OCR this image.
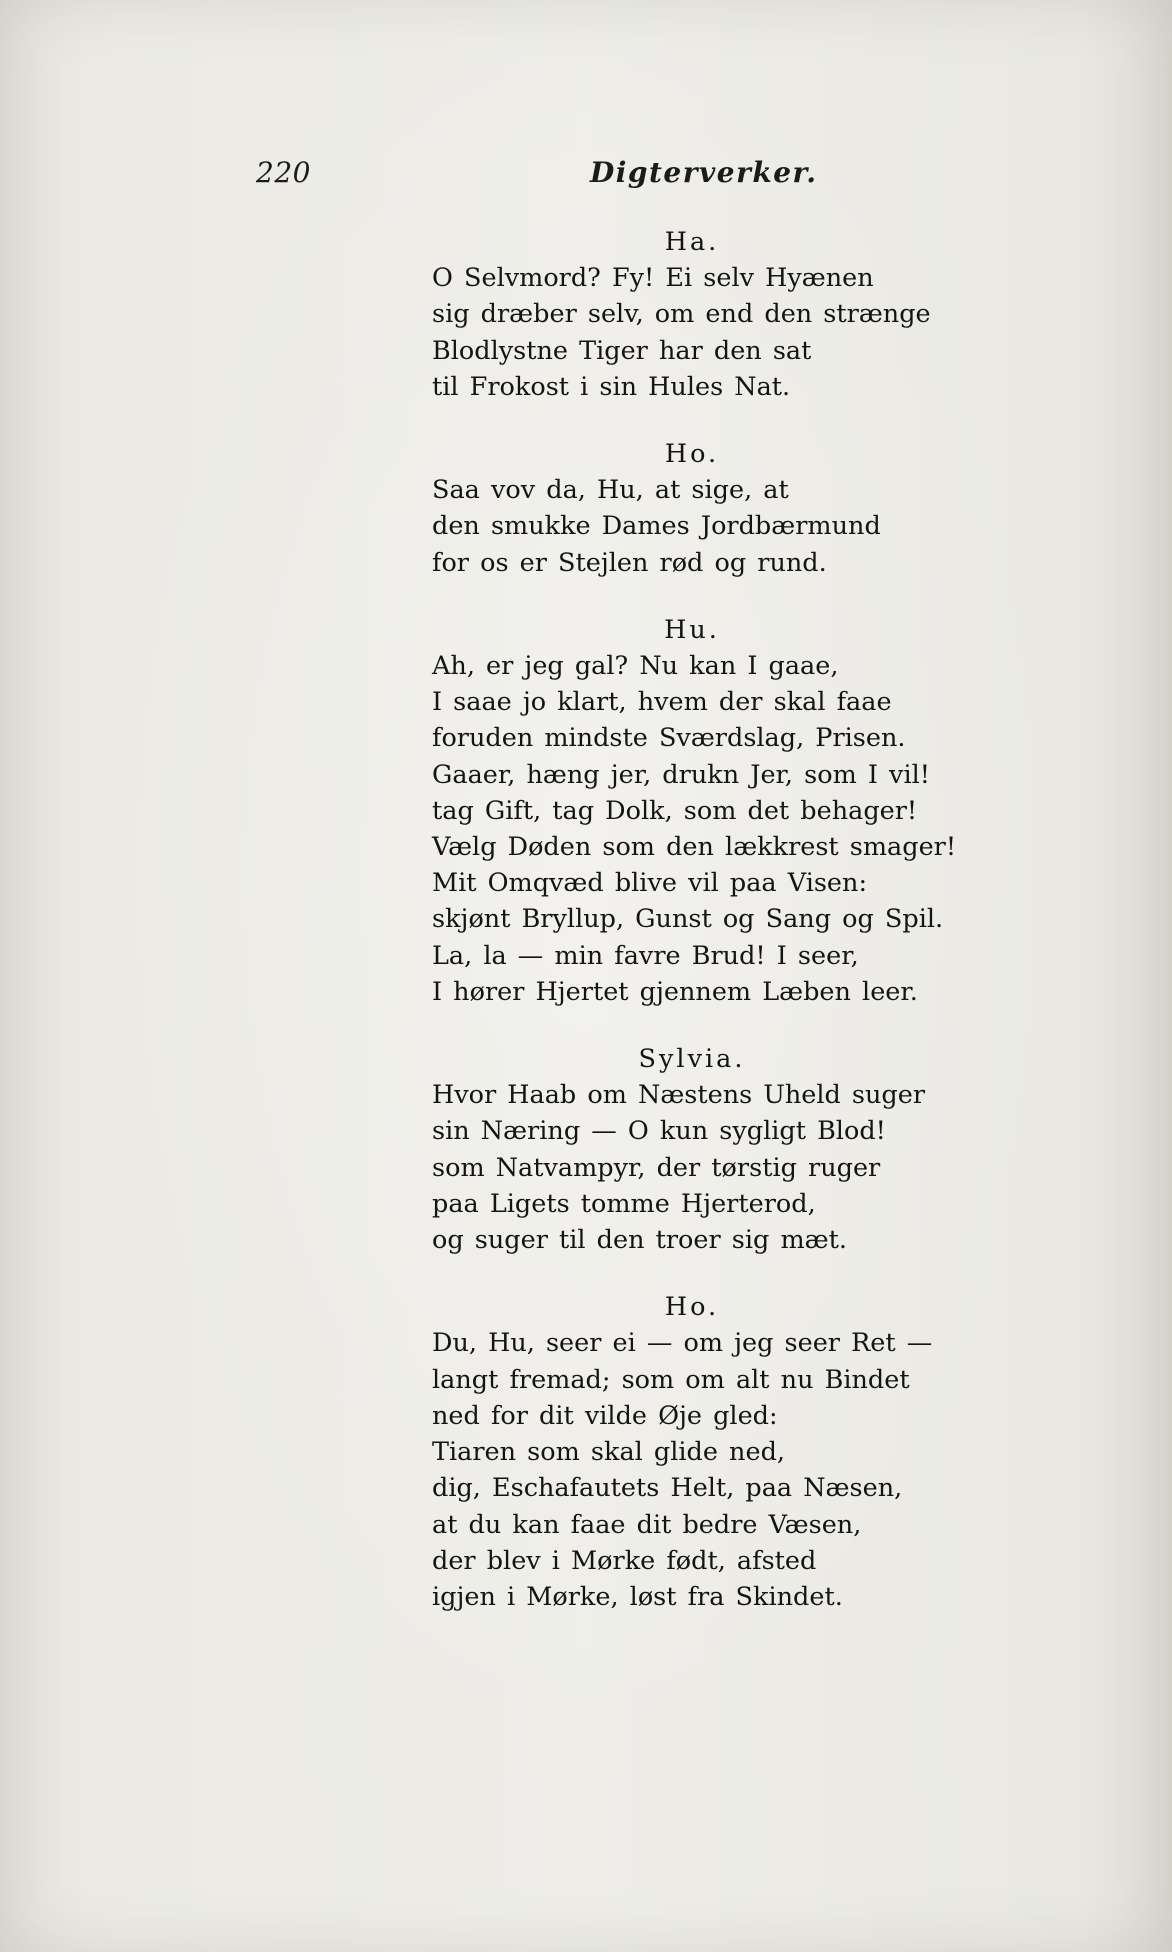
220	Digterverker.
Ha.
O Selvmord? Fy! Ei selv Hyænen
sig dræber selv, om end den strænge
Blodlystne Tiger har den sat
til Frokost i sin Hules Nat.
Ho.
Saa vov da, Hu, at sige, at
den smukke Dames Jordbærmund
for os er Stejlen rød og rund.
Hu.
Ah, er jeg gal? Nu kan I gaae,
I saae jo klart, hvem der skal faae
foruden mindste Sværdslag, Prisen.
Gaaer, hæng jer, drukn Jer, som I vil!
tag Gift, tag Dolk, som det behager!
Vælg Døden som den lækkrest smager!
Mit Omqvæd blive vil paa Visen:
skjønt Bryllup, Gunst og Sang og Spil.
La, la — min favre Brud! I seer,
I hører Hjertet gjennem Læben leer.
Sylvia.
Hvor Haab om Næstens Uheld suger
sin Næring — O kun sygligt Blod!
som Natvampyr, der tørstig ruger
paa Ligets tomme Hjerterod,
og suger til den troer sig mæt.
Ho.
Du, Hu, seer ei — om jeg seer Ret —
langt fremad; som om alt nu Bindet
ned for dit vilde Øje gled:
Tiaren som skal glide ned,
dig, Eschafautets Helt, paa Næsen,
at du kan faae dit bedre Væsen,
der blev i Mørke født, afsted
igjen i Mørke, løst fra Skindet.
